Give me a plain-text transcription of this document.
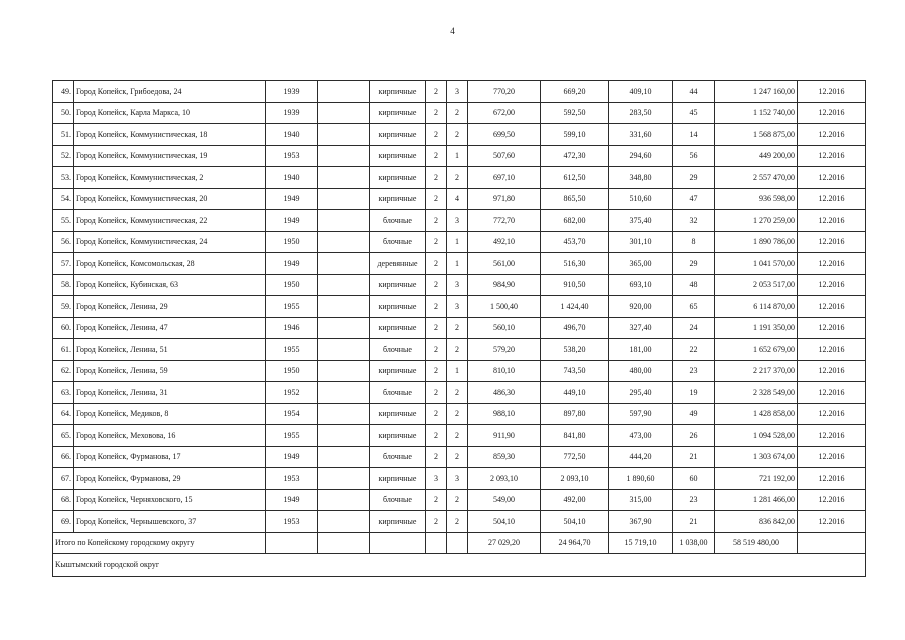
4
49.	Город Копейск, Грибоедова, 24	1939		кирпичные	2	3	770,20	669,20	409,10	44	1 247 160,00	12.2016
50.	Город Копейск, Карла Маркса, 10	1939		кирпичные	2	2	672,00	592,50	283,50	45	1 152 740,00	12.2016
51.	Город Копейск, Коммунистическая, 18	1940		кирпичные	2	2	699,50	599,10	331,60	14	1 568 875,00	12.2016
52.	Город Копейск, Коммунистическая, 19	1953		кирпичные	2	1	507,60	472,30	294,60	56	449 200,00	12.2016
53.	Город Копейск, Коммунистическая, 2	1940		кирпичные	2	2	697,10	612,50	348,80	29	2 557 470,00	12.2016
54.	Город Копейск, Коммунистическая, 20	1949		кирпичные	2	4	971,80	865,50	510,60	47	936 598,00	12.2016
55.	Город Копейск, Коммунистическая, 22	1949		блочные	2	3	772,70	682,00	375,40	32	1 270 259,00	12.2016
56.	Город Копейск, Коммунистическая, 24	1950		блочные	2	1	492,10	453,70	301,10	8	1 890 786,00	12.2016
57.	Город Копейск, Комсомольская, 28	1949		деревянные	2	1	561,00	516,30	365,00	29	1 041 570,00	12.2016
58.	Город Копейск, Кубинская, 63	1950		кирпичные	2	3	984,90	910,50	693,10	48	2 053 517,00	12.2016
59.	Город Копейск, Ленина, 29	1955		кирпичные	2	3	1 500,40	1 424,40	920,00	65	6 114 870,00	12.2016
60.	Город Копейск, Ленина, 47	1946		кирпичные	2	2	560,10	496,70	327,40	24	1 191 350,00	12.2016
61.	Город Копейск, Ленина, 51	1955		блочные	2	2	579,20	538,20	181,00	22	1 652 679,00	12.2016
62.	Город Копейск, Ленина, 59	1950		кирпичные	2	1	810,10	743,50	480,00	23	2 217 370,00	12.2016
63.	Город Копейск, Ленина, 31	1952		блочные	2	2	486,30	449,10	295,40	19	2 328 549,00	12.2016
64.	Город Копейск, Медиков, 8	1954		кирпичные	2	2	988,10	897,80	597,90	49	1 428 858,00	12.2016
65.	Город Копейск, Меховова, 16	1955		кирпичные	2	2	911,90	841,80	473,00	26	1 094 528,00	12.2016
66.	Город Копейск, Фурманова, 17	1949		блочные	2	2	859,30	772,50	444,20	21	1 303 674,00	12.2016
67.	Город Копейск, Фурманова, 29	1953		кирпичные	3	3	2 093,10	2 093,10	1 890,60	60	721 192,00	12.2016
68.	Город Копейск, Черняховского, 15	1949		блочные	2	2	549,00	492,00	315,00	23	1 281 466,00	12.2016
69.	Город Копейск, Чернышевского, 37	1953		кирпичные	2	2	504,10	504,10	367,90	21	836 842,00	12.2016
Итого по Копейскому городскому округу							27 029,20	24 964,70	15 719,10	1 038,00	58 519 480,00	
Кыштымский городской округ												
